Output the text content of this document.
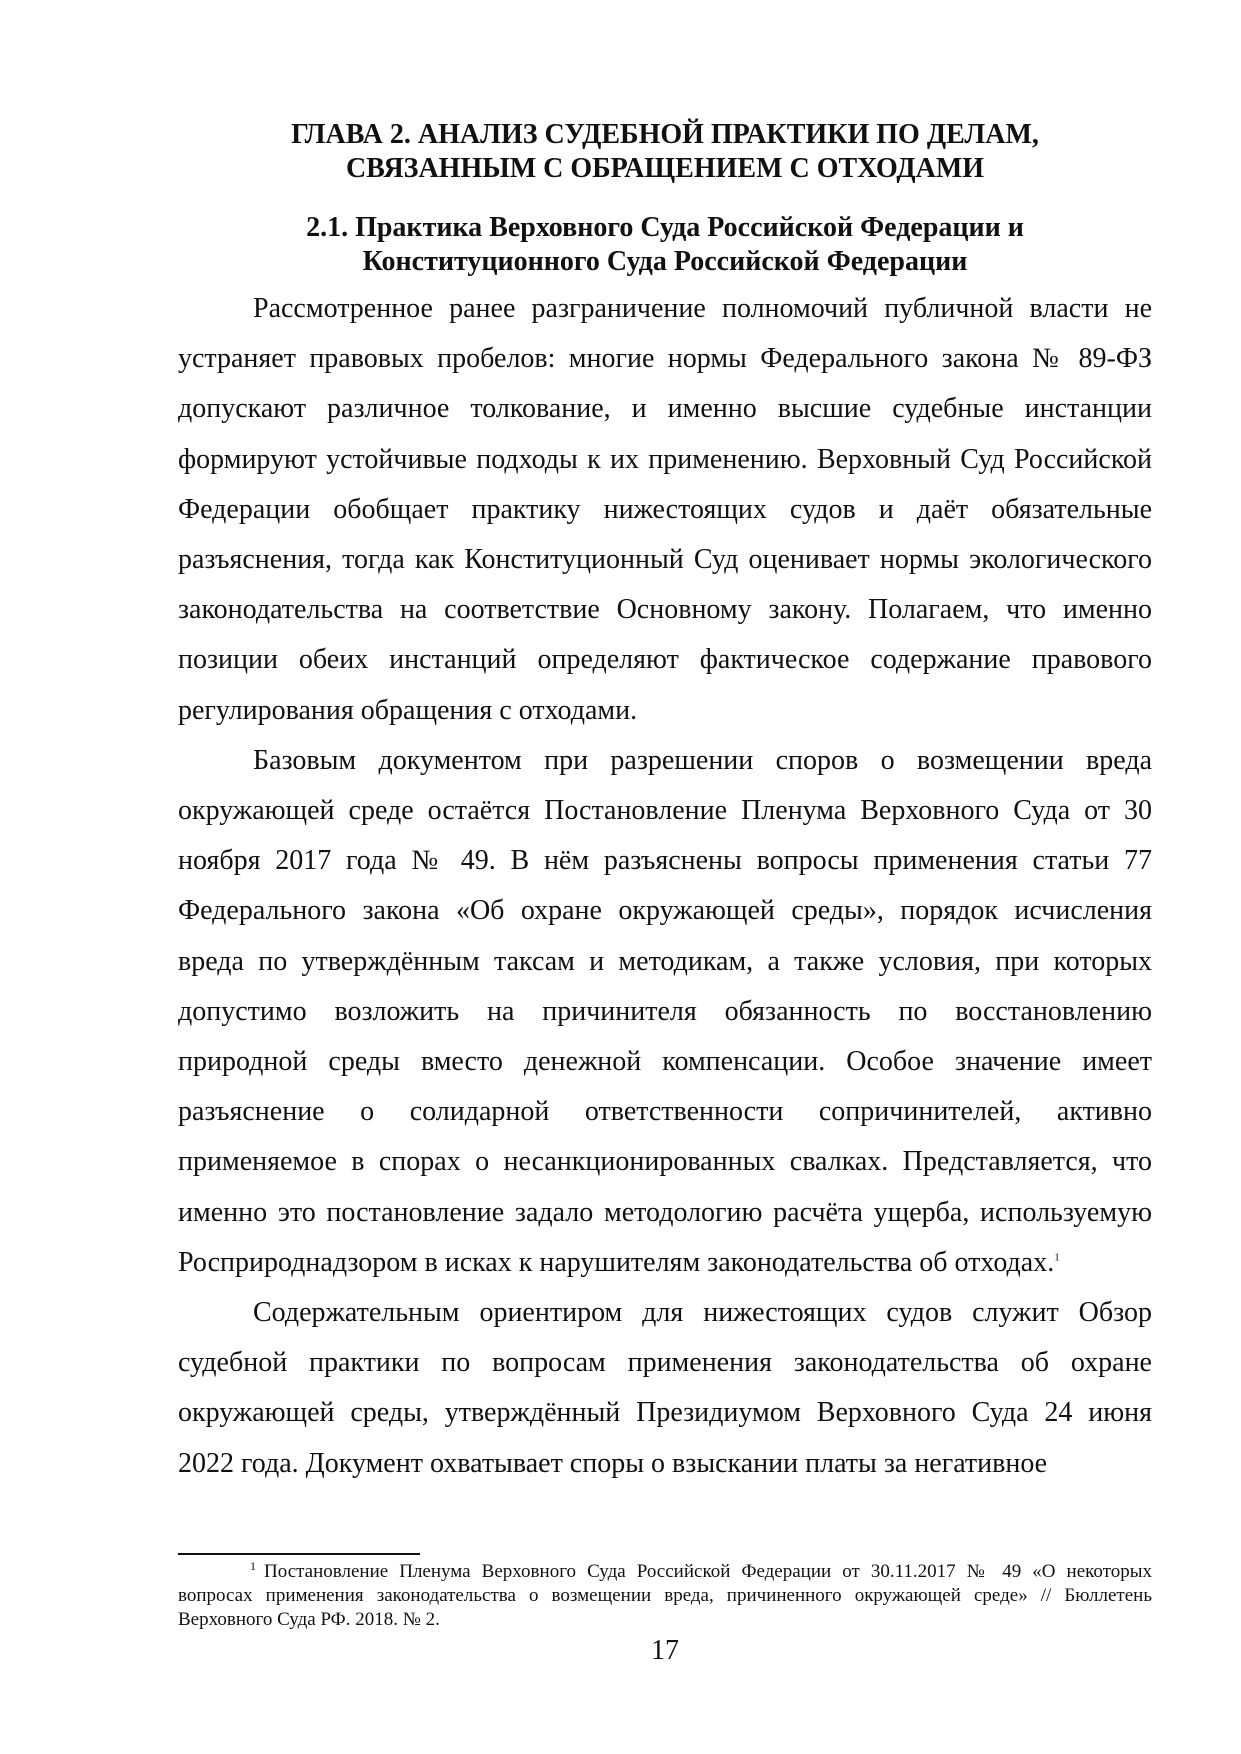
ГЛАВА 2. АНАЛИЗ СУДЕБНОЙ ПРАКТИКИ ПО ДЕЛАМ,
СВЯЗАННЫМ С ОБРАЩЕНИЕМ С ОТХОДАМИ
2.1. Практика Верховного Суда Российской Федерации и
Конституционного Суда Российской Федерации

Рассмотренное ранее разграничение полномочий публичной власти не устраняет правовых пробелов: многие нормы Федерального закона № 89-ФЗ допускают различное толкование, и именно высшие судебные инстанции формируют устойчивые подходы к их применению. Верховный Суд Российской Федерации обобщает практику нижестоящих судов и даёт обязательные разъяснения, тогда как Конституционный Суд оценивает нормы экологического законодательства на соответствие Основному закону. Полагаем, что именно позиции обеих инстанций определяют фактическое содержание правового регулирования обращения с отходами.

Базовым документом при разрешении споров о возмещении вреда окружающей среде остаётся Постановление Пленума Верховного Суда от 30 ноября 2017 года № 49. В нём разъяснены вопросы применения статьи 77 Федерального закона «Об охране окружающей среды», порядок исчисления вреда по утверждённым таксам и методикам, а также условия, при которых допустимо возложить на причинителя обязанность по восстановлению природной среды вместо денежной компенсации. Особое значение имеет разъяснение о солидарной ответственности сопричинителей, активно применяемое в спорах о несанкционированных свалках. Представляется, что именно это постановление задало методологию расчёта ущерба, используемую Росприроднадзором в исках к нарушителям законодательства об отходах.$^1$

Содержательным ориентиром для нижестоящих судов служит Обзор судебной практики по вопросам применения законодательства об охране окружающей среды, утверждённый Президиумом Верховного Суда 24 июня 2022 года. Документ охватывает споры о взыскании платы за негативное

$^1$ Постановление Пленума Верховного Суда Российской Федерации от 30.11.2017 № 49 «О некоторых вопросах применения законодательства о возмещении вреда, причиненного окружающей среде» // Бюллетень Верховного Суда РФ. 2018. № 2.

17
